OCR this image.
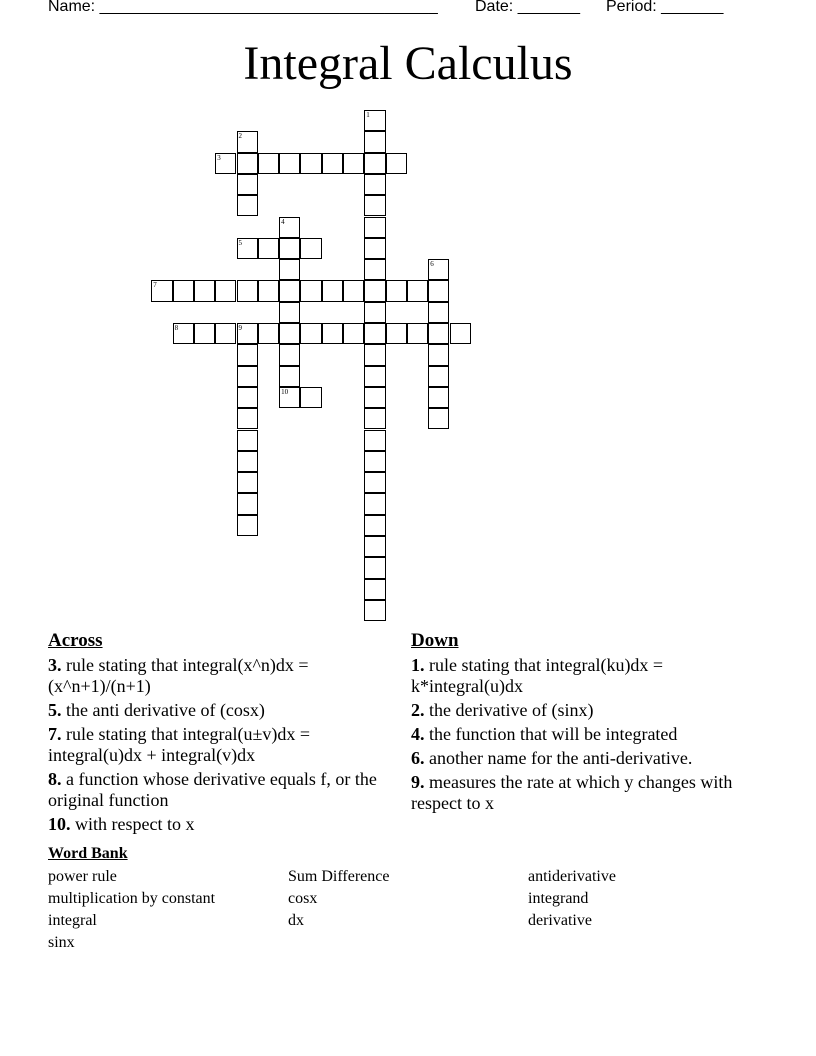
Name: ______________________________________ Date: _______ Period: _______
Integral Calculus
1
2
3
4
5
6
7
8	9
10
Across
3. rule stating that integral(x^n)dx = (x^n+1)/(n+1)
5. the anti derivative of (cosx)
7. rule stating that integral(u±v)dx = integral(u)dx + integral(v)dx
8. a function whose derivative equals f, or the original function
10. with respect to x
Down
1. rule stating that integral(ku)dx = k*integral(u)dx
2. the derivative of (sinx)
4. the function that will be integrated
6. another name for the anti-derivative.
9. measures the rate at which y changes with respect to x
Word Bank
power rule	Sum Difference	antiderivative
multiplication by constant	cosx	integrand
integral	dx	derivative
sinx
